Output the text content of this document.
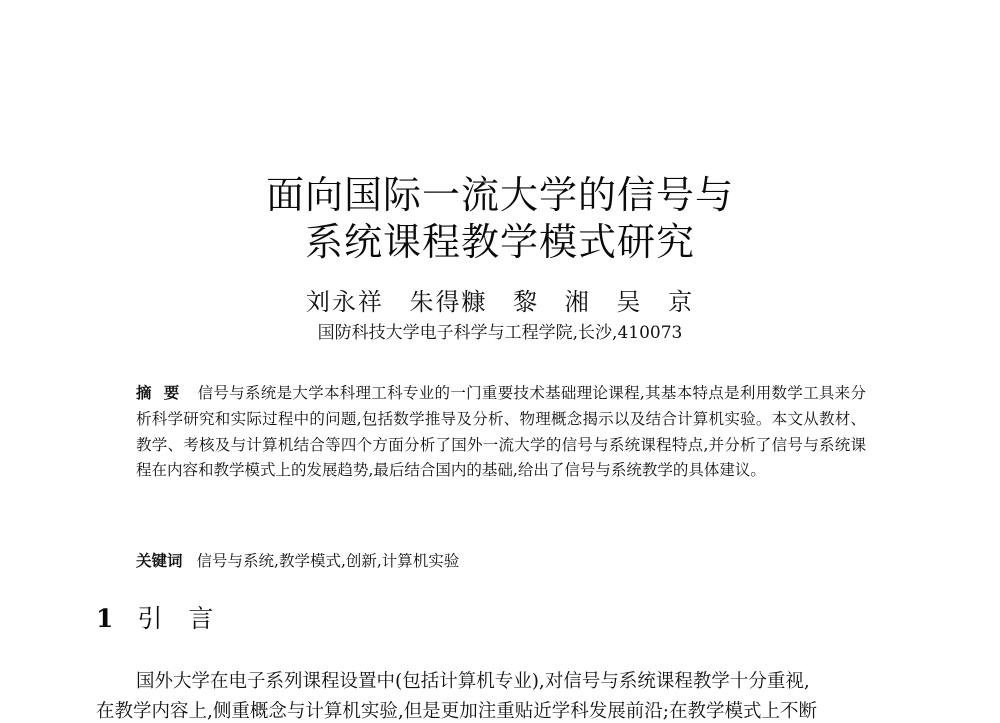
面向国际一流大学的信号与
系统课程教学模式研究
刘永祥 朱得糠 黎 湘 吴 京
国防科技大学电子科学与工程学院,长沙,410073
摘要 信号与系统是大学本科理工科专业的一门重要技术基础理论课程,其基本特点是利用数学工具来分析科学研究和实际过程中的问题,包括数学推导及分析、物理概念揭示以及结合计算机实验。本文从教材、教学、考核及与计算机结合等四个方面分析了国外一流大学的信号与系统课程特点,并分析了信号与系统课程在内容和教学模式上的发展趋势,最后结合国内的基础,给出了信号与系统教学的具体建议。
关键词 信号与系统,教学模式,创新,计算机实验
1 引言
国外大学在电子系列课程设置中(包括计算机专业),对信号与系统课程教学十分重视,
在教学内容上,侧重概念与计算机实验,但是更加注重贴近学科发展前沿;在教学模式上不断
